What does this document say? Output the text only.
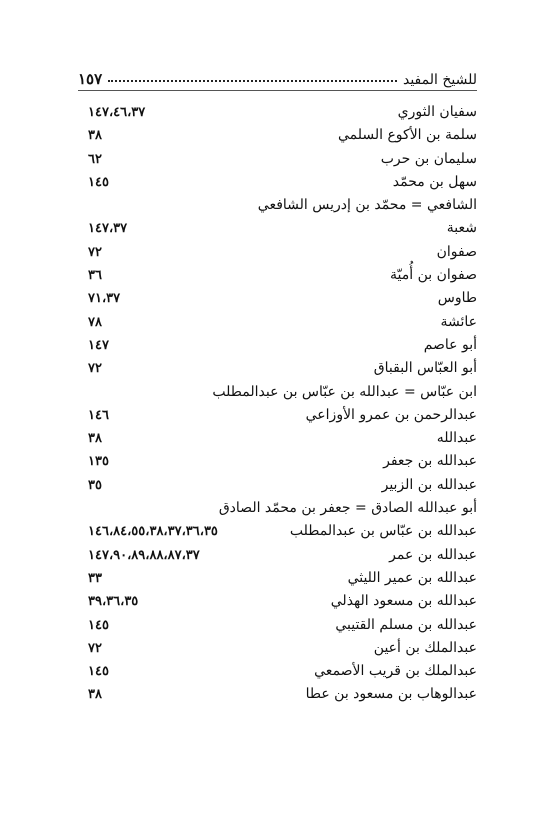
للشيخ المفيد
١٥٧
سفيان الثوري
١٤٧،٤٦،٣٧
سلمة بن الأكوع السلمي
٣٨
سليمان بن حرب
٦٢
سهل بن محمّد
١٤٥
الشافعي = محمّد بن إدريس الشافعي
شعبة
١٤٧،٣٧
صفوان
٧٢
صفوان بن أُميّة
٣٦
طاوس
٧١،٣٧
عائشة
٧٨
أبو عاصم
١٤٧
أبو العبّاس البقباق
٧٢
ابن عبّاس = عبدالله بن عبّاس بن عبدالمطلب
عبدالرحمن بن عمرو الأوزاعي
١٤٦
عبدالله
٣٨
عبدالله بن جعفر
١٣٥
عبدالله بن الزبير
٣٥
أبو عبدالله الصادق = جعفر بن محمّد الصادق
عبدالله بن عبّاس بن عبدالمطلب
١٤٦،٨٤،٥٥،٣٨،٣٧،٣٦،٣٥
عبدالله بن عمر
١٤٧،٩٠،٨٩،٨٨،٨٧،٣٧
عبدالله بن عمير الليثي
٣٣
عبدالله بن مسعود الهذلي
٣٩،٣٦،٣٥
عبدالله بن مسلم القتيبي
١٤٥
عبدالملك بن أعين
٧٢
عبدالملك بن قريب الأصمعي
١٤٥
عبدالوهاب بن مسعود بن عطا
٣٨
